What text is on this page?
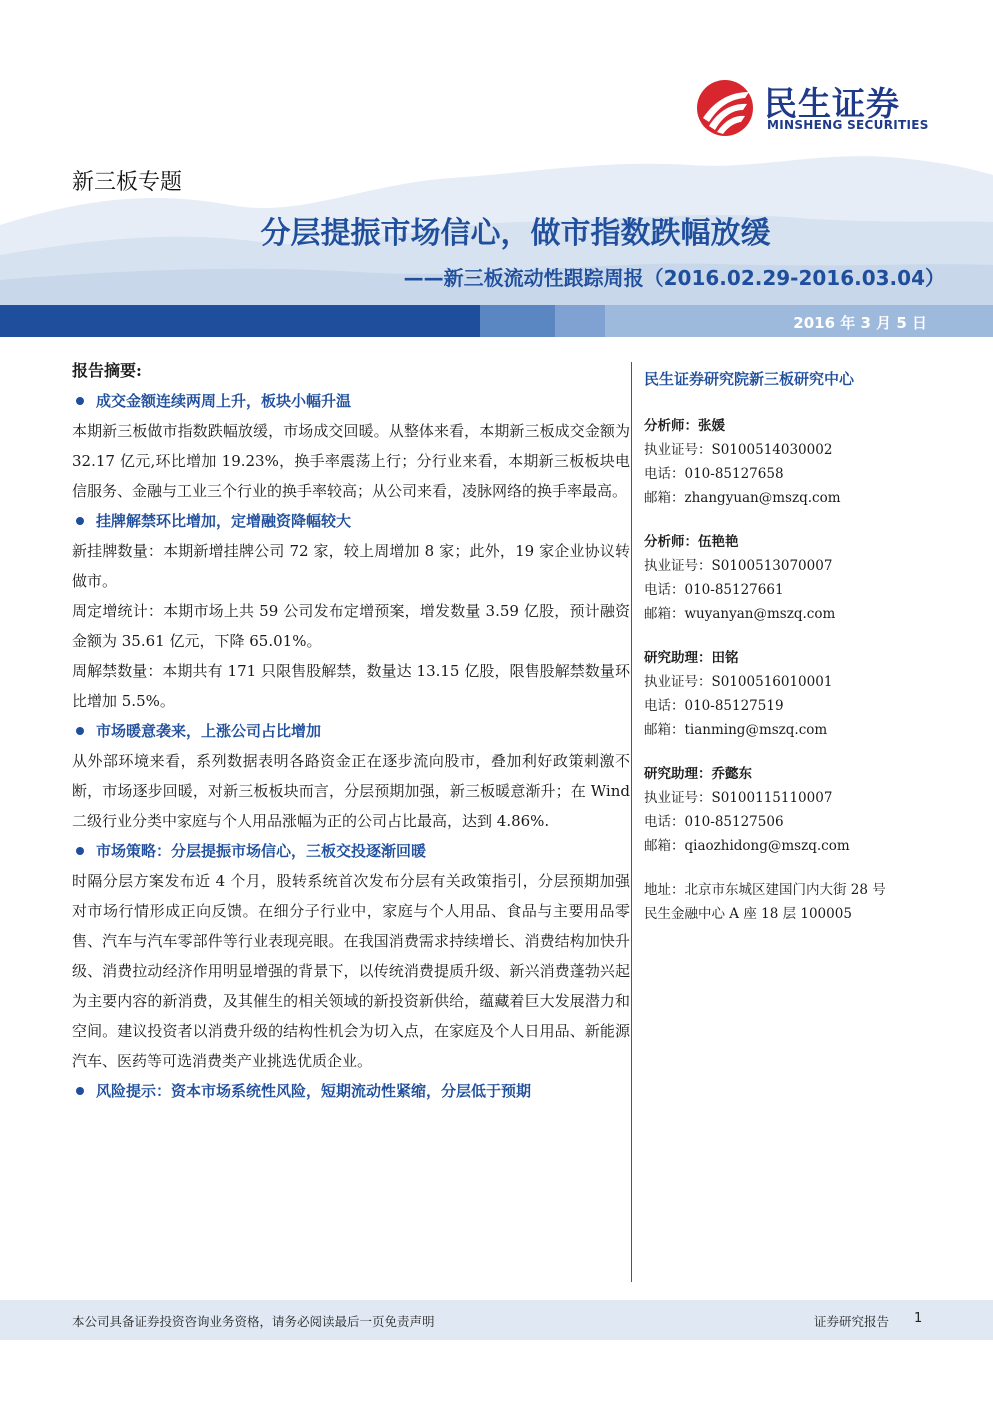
民生证券
MINSHENG SECURITIES
新三板专题
分层提振市场信心，做市指数跌幅放缓
——新三板流动性跟踪周报（2016.02.29-2016.03.04）
2016 年 3 月 5 日
报告摘要:
成交金额连续两周上升，板块小幅升温
本期新三板做市指数跌幅放缓，市场成交回暖。从整体来看，本期新三板成交金额为 32.17 亿元,环比增加 19.23%，换手率震荡上行；分行业来看，本期新三板板块电信服务、金融与工业三个行业的换手率较高；从公司来看，凌脉网络的换手率最高。
挂牌解禁环比增加，定增融资降幅较大
新挂牌数量：本期新增挂牌公司 72 家，较上周增加 8 家；此外，19 家企业协议转做市。
周定增统计：本期市场上共 59 公司发布定增预案，增发数量 3.59 亿股，预计融资金额为 35.61 亿元，下降 65.01%。
周解禁数量：本期共有 171 只限售股解禁，数量达 13.15 亿股，限售股解禁数量环比增加 5.5%。
市场暖意袭来，上涨公司占比增加
从外部环境来看，系列数据表明各路资金正在逐步流向股市，叠加利好政策刺激不断，市场逐步回暖，对新三板板块而言，分层预期加强，新三板暖意渐升；在 Wind 二级行业分类中家庭与个人用品涨幅为正的公司占比最高，达到 4.86%.
市场策略：分层提振市场信心，三板交投逐渐回暖
时隔分层方案发布近 4 个月，股转系统首次发布分层有关政策指引，分层预期加强对市场行情形成正向反馈。在细分子行业中，家庭与个人用品、食品与主要用品零售、汽车与汽车零部件等行业表现亮眼。在我国消费需求持续增长、消费结构加快升级、消费拉动经济作用明显增强的背景下，以传统消费提质升级、新兴消费蓬勃兴起为主要内容的新消费，及其催生的相关领域的新投资新供给，蕴藏着巨大发展潜力和空间。建议投资者以消费升级的结构性机会为切入点，在家庭及个人日用品、新能源汽车、医药等可选消费类产业挑选优质企业。
风险提示：资本市场系统性风险，短期流动性紧缩，分层低于预期
民生证券研究院新三板研究中心
分析师：张媛
执业证号：S0100514030002
电话：010-85127658
邮箱：zhangyuan@mszq.com
分析师：伍艳艳
执业证号：S0100513070007
电话：010-85127661
邮箱：wuyanyan@mszq.com
研究助理：田铭
执业证号：S0100516010001
电话：010-85127519
邮箱：tianming@mszq.com
研究助理：乔懿东
执业证号：S0100115110007
电话：010-85127506
邮箱：qiaozhidong@mszq.com
地址：北京市东城区建国门内大街 28 号
民生金融中心 A 座 18 层 100005
本公司具备证券投资咨询业务资格，请务必阅读最后一页免责声明	证券研究报告 1
